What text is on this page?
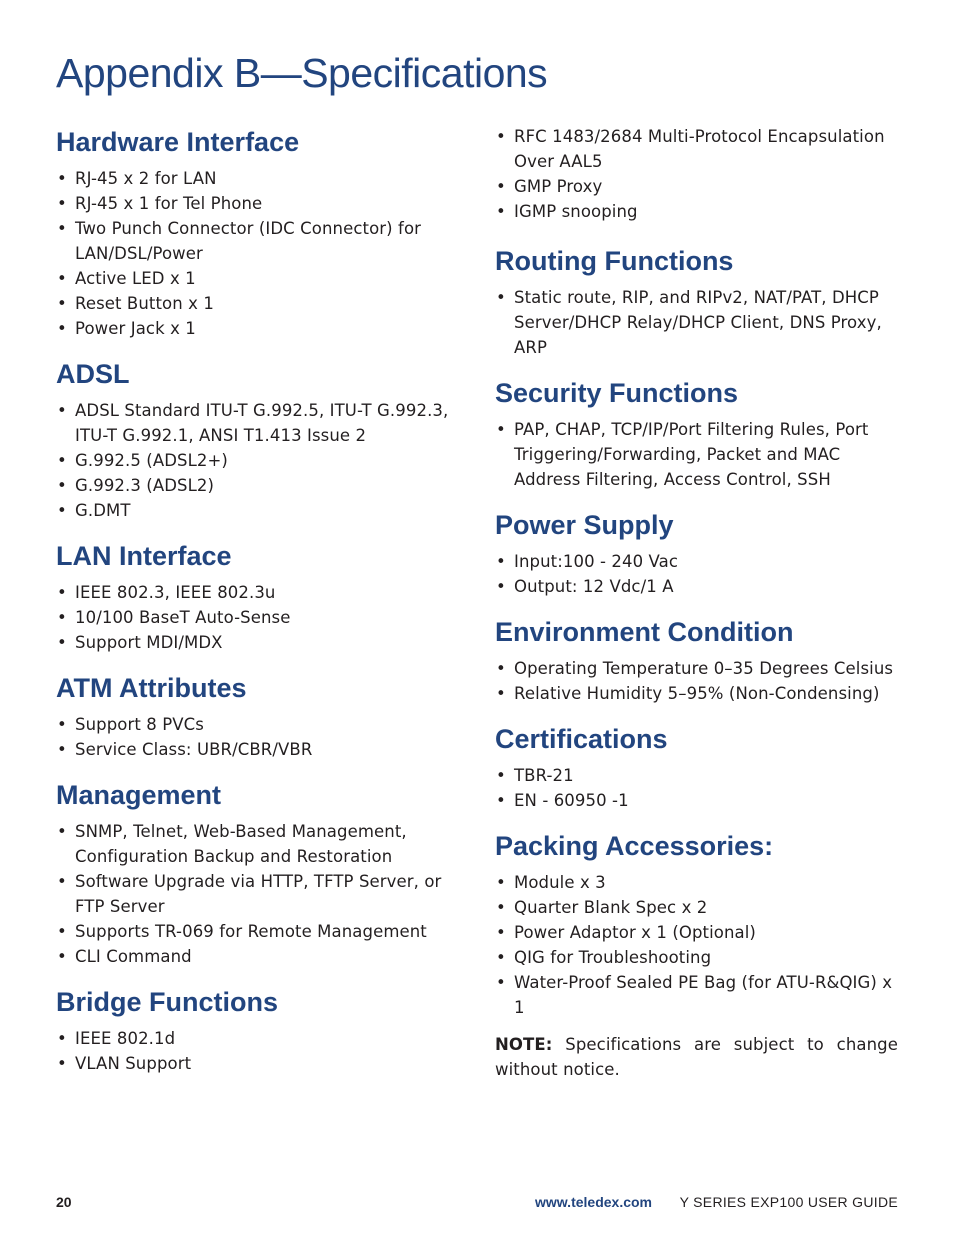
Appendix B—Specifications
Hardware Interface
• RJ-45 x 2 for LAN
• RJ-45 x 1 for Tel Phone
• Two Punch Connector (IDC Connector) for LAN/DSL/Power
• Active LED x 1
• Reset Button x 1
• Power Jack x 1
ADSL
• ADSL Standard ITU-T G.992.5, ITU-T G.992.3, ITU-T G.992.1, ANSI T1.413 Issue 2
• G.992.5 (ADSL2+)
• G.992.3 (ADSL2)
• G.DMT
LAN Interface
• IEEE 802.3, IEEE 802.3u
• 10/100 BaseT Auto-Sense
• Support MDI/MDX
ATM Attributes
• Support 8 PVCs
• Service Class: UBR/CBR/VBR
Management
• SNMP, Telnet, Web-Based Management, Configuration Backup and Restoration
• Software Upgrade via HTTP, TFTP Server, or FTP Server
• Supports TR-069 for Remote Management
• CLI Command
Bridge Functions
• IEEE 802.1d
• VLAN Support
• RFC 1483/2684 Multi-Protocol Encapsulation Over AAL5
• GMP Proxy
• IGMP snooping
Routing Functions
• Static route, RIP, and RIPv2, NAT/PAT, DHCP Server/DHCP Relay/DHCP Client, DNS Proxy, ARP
Security Functions
• PAP, CHAP, TCP/IP/Port Filtering Rules, Port Triggering/Forwarding, Packet and MAC Address Filtering, Access Control, SSH
Power Supply
• Input:100 - 240 Vac
• Output: 12 Vdc/1 A
Environment Condition
• Operating Temperature 0–35 Degrees Celsius
• Relative Humidity 5–95% (Non-Condensing)
Certifications
• TBR-21
• EN - 60950 -1
Packing Accessories:
• Module x 3
• Quarter Blank Spec x 2
• Power Adaptor x 1 (Optional)
• QIG for Troubleshooting
• Water-Proof Sealed PE Bag (for ATU-R&QIG) x 1

NOTE: Specifications are subject to change without notice.

20	www.teledex.com Y SERIES EXP100 USER GUIDE
